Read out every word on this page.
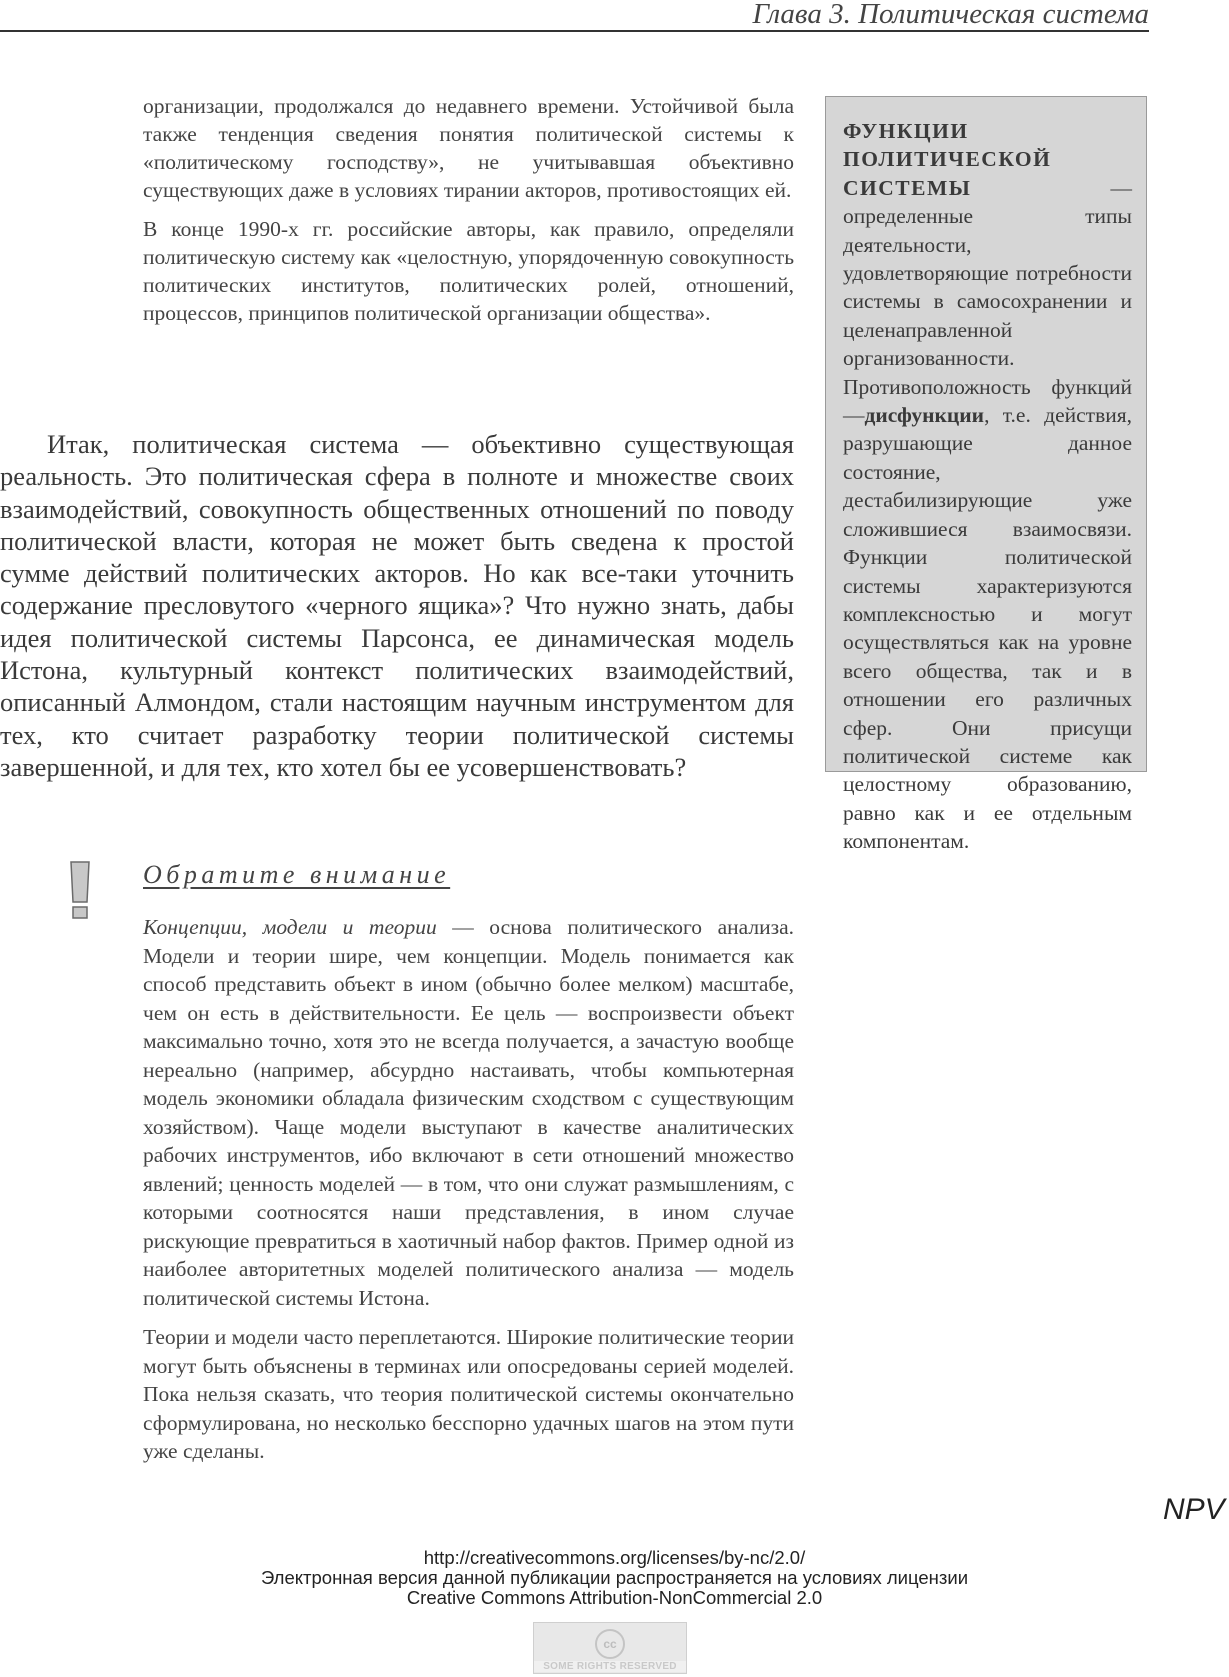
Глава 3. Политическая система

организации, продолжался до недавнего времени. Устойчивой была также тенденция сведения понятия политической системы к «политическому господству», не учитывавшая объективно существующих даже в условиях тирании акторов, противостоящих ей.

В конце 1990-х гг. российские авторы, как правило, определяли политическую систему как «целостную, упорядоченную совокупность политических институтов, политических ролей, отношений, процессов, принципов политической организации общества».

Итак, политическая система — объективно существующая реальность. Это политическая сфера в полноте и множестве своих взаимодействий, совокупность общественных отношений по поводу политической власти, которая не может быть сведена к простой сумме действий политических акторов. Но как все-таки уточнить содержание пресловутого «черного ящика»? Что нужно знать, дабы идея политической системы Парсонса, ее динамическая модель Истона, культурный контекст политических взаимодействий, описанный Алмондом, стали настоящим научным инструментом для тех, кто считает разработку теории политической системы завершенной, и для тех, кто хотел бы ее усовершенствовать?

ФУНКЦИИ ПОЛИТИЧЕСКОЙ СИСТЕМЫ — определенные типы деятельности, удовлетворяющие потребности системы в самосохранении и целенаправленной организованности. Противоположность функций —дисфункции, т.е. действия, разрушающие данное состояние, дестабилизирующие уже сложившиеся взаимосвязи. Функции политической системы характеризуются комплексностью и могут осуществляться как на уровне всего общества, так и в отношении его различных сфер. Они присущи политической системе как целостному образованию, равно как и ее отдельным компонентам.

Обратите внимание

Концепции, модели и теории — основа политического анализа. Модели и теории шире, чем концепции. Модель понимается как способ представить объект в ином (обычно более мелком) масштабе, чем он есть в действительности. Ее цель — воспроизвести объект максимально точно, хотя это не всегда получается, а зачастую вообще нереально (например, абсурдно настаивать, чтобы компьютерная модель экономики обладала физическим сходством с существующим хозяйством). Чаще модели выступают в качестве аналитических рабочих инструментов, ибо включают в сети отношений множество явлений; ценность моделей — в том, что они служат размышлениям, с которыми соотносятся наши представления, в ином случае рискующие превратиться в хаотичный набор фактов. Пример одной из наиболее авторитетных моделей политического анализа — модель политической системы Истона.

Теории и модели часто переплетаются. Широкие политические теории могут быть объяснены в терминах или опосредованы серией моделей. Пока нельзя сказать, что теория политической системы окончательно сформулирована, но несколько бесспорно удачных шагов на этом пути уже сделаны.

NPV
http://creativecommons.org/licenses/by-nc/2.0/
Электронная версия данной публикации распространяется на условиях лицензии
Creative Commons Attribution-NonCommercial 2.0
cc
SOME RIGHTS RESERVED
